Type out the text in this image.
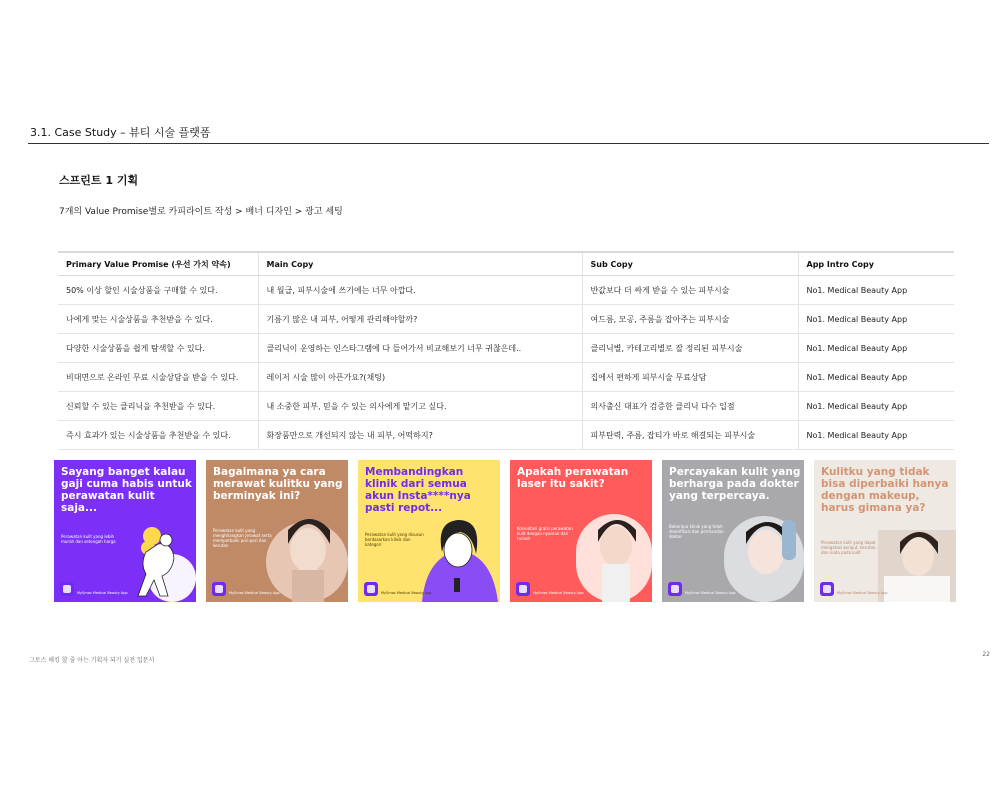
3.1. Case Study – 뷰티 시술 플랫폼
스프린트 1 기획
7개의 Value Promise별로 카피라이트 작성 > 배너 디자인 > 광고 세팅
Primary Value Promise (우선 가치 약속)	Main Copy	Sub Copy	App Intro Copy
50% 이상 할인 시술상품을 구매할 수 있다.	내 월급, 피부시술에 쓰기에는 너무 아깝다.	반값보다 더 싸게 받을 수 있는 피부시술	No1. Medical Beauty App
나에게 맞는 시술상품을 추천받을 수 있다.	기름기 많은 내 피부, 어떻게 관리해야할까?	여드름, 모공, 주름을 잡아주는 피부시술	No1. Medical Beauty App
다양한 시술상품을 쉽게 탐색할 수 있다.	클리닉이 운영하는 인스타그램에 다 들어가서 비교해보기 너무 귀찮은데..	클리닉별, 카테고리별로 잘 정리된 피부시술	No1. Medical Beauty App
비대면으로 온라인 무료 시술상담을 받을 수 있다.	레이저 시술 많이 아픈가요?(채팅)	집에서 편하게 피부시술 무료상담	No1. Medical Beauty App
신뢰할 수 있는 클리닉을 추천받을 수 있다.	내 소중한 피부, 믿을 수 있는 의사에게 맡기고 싶다.	의사출신 대표가 검증한 클리닉 다수 입점	No1. Medical Beauty App
즉시 효과가 있는 시술상품을 추천받을 수 있다.	화장품만으로 개선되지 않는 내 피부, 어떡하지?	피부탄력, 주름, 잡티가 바로 해결되는 피부시술	No1. Medical Beauty App
Sayang banget kalau gaji cuma habis untuk perawatan kulit saja...
Perawatan kulit yang lebih murah dan setengah harga
MySmaz Medical Beauty App
Bagaimana ya cara merawat kulitku yang berminyak ini?
Perawatan kulit yang menghilangkan jerawat serta memperbaiki pori-pori dan kerutan
MySmaz Medical Beauty App
Membandingkan klinik dari semua akun Insta****nya pasti repot...
Perawatan kulit yang disusun berdasarkan klinik dan kategori
MySmaz Medical Beauty App
Apakah perawatan laser itu sakit?
Konsultasi gratis perawatan kulit dengan nyaman dari rumah
MySmaz Medical Beauty App
Percayakan kulit yang berharga pada dokter yang terpercaya.
Beberapa klinik yang telah diverifikasi dan permandan dokter
MySmaz Medical Beauty App
Kulitku yang tidak bisa diperbaiki hanya dengan makeup, harus gimana ya?
Perawatan kulit yang dapat mengatasi keriput, kerutan, dan noda pada kulit
MySmaz Medical Beauty App
그로스 해킹 할 줄 아는 기획자 되기 실전 입문서
22
